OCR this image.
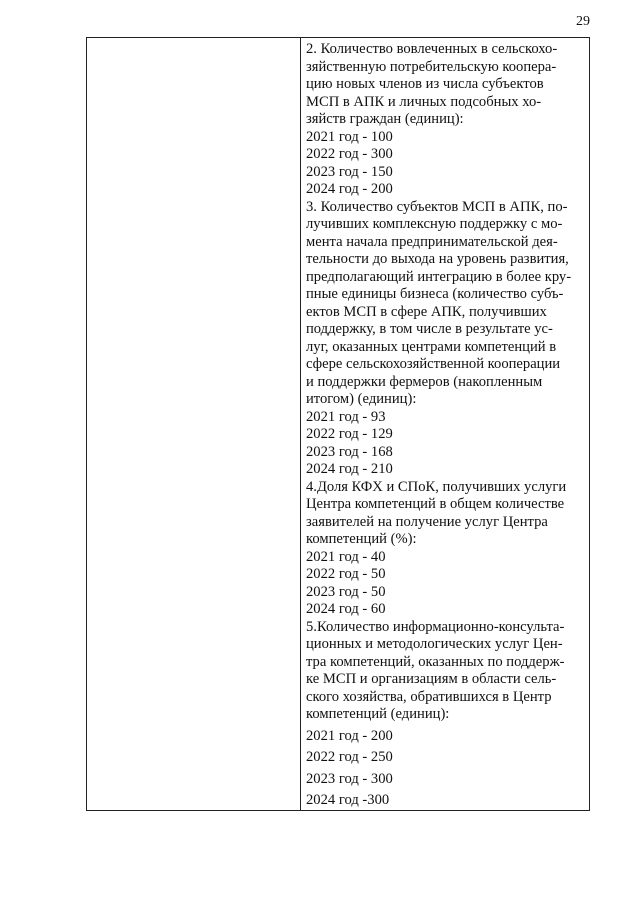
29
2. Количество вовлеченных в сельскохо-
зяйственную потребительскую коопера-
цию новых членов из числа субъектов
МСП в АПК и личных подсобных хо-
зяйств граждан (единиц):
2021 год - 100
2022 год - 300
2023 год - 150
2024 год - 200
3. Количество субъектов МСП в АПК, по-
лучивших комплексную поддержку с мо-
мента начала предпринимательской дея-
тельности до выхода на уровень развития,
предполагающий интеграцию в более кру-
пные единицы бизнеса (количество субъ-
ектов МСП в сфере АПК, получивших
поддержку, в том числе в результате ус-
луг, оказанных центрами компетенций в
сфере сельскохозяйственной кооперации
и поддержки фермеров (накопленным
итогом) (единиц):
2021 год - 93
2022 год - 129
2023 год - 168
2024 год - 210
4.Доля КФХ и СПоК, получивших услуги
Центра компетенций в общем количестве
заявителей на получение услуг Центра
компетенций (%):
2021 год - 40
2022 год - 50
2023 год - 50
2024 год - 60
5.Количество информационно-консульта-
ционных и методологических услуг Цен-
тра компетенций, оказанных по поддерж-
ке МСП и организациям в области сель-
ского хозяйства, обратившихся в Центр
компетенций (единиц):
2021 год - 200
2022 год - 250
2023 год - 300
2024 год -300
